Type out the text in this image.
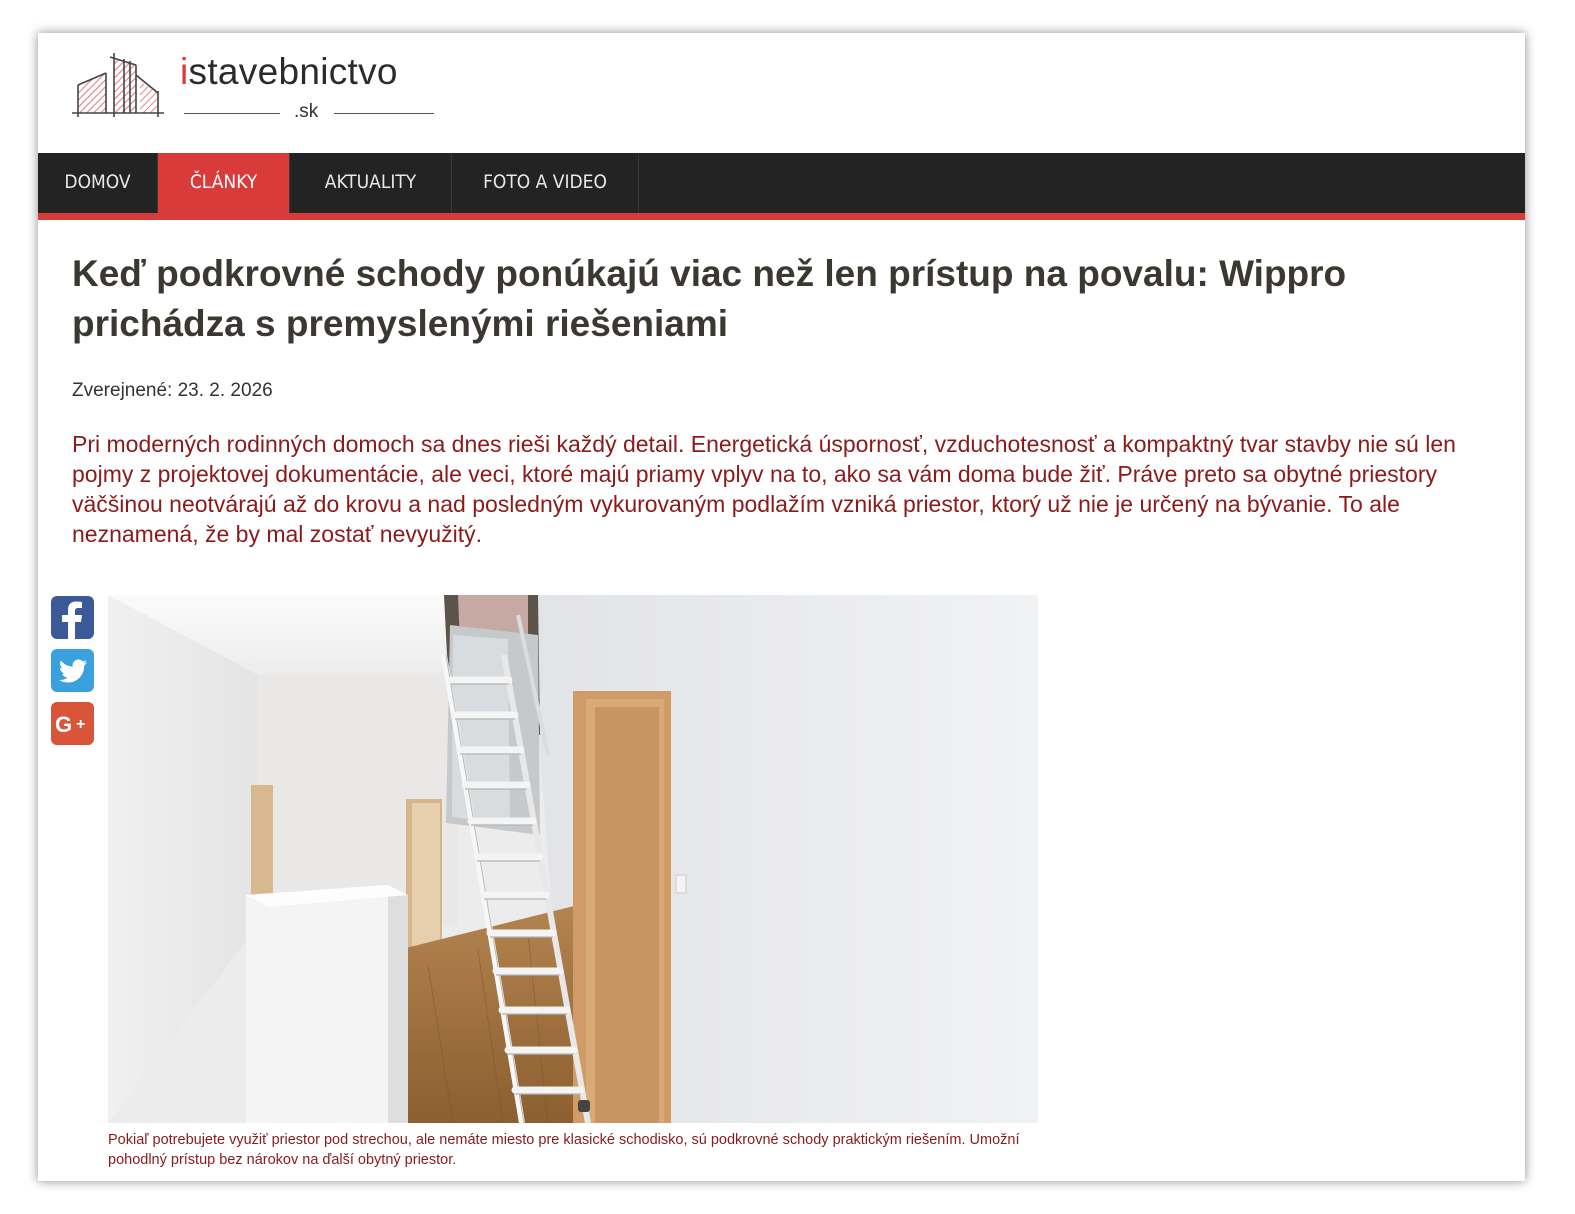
istavebnictvo
.sk
DOMOV	ČLÁNKY	AKTUALITY	FOTO A VIDEO
Keď podkrovné schody ponúkajú viac než len prístup na povalu: Wippro prichádza s premyslenými riešeniami
Zverejnené: 23. 2. 2026

Pri moderných rodinných domoch sa dnes rieši každý detail. Energetická úspornosť, vzduchotesnosť a kompaktný tvar stavby nie sú len pojmy z projektovej dokumentácie, ale veci, ktoré majú priamy vplyv na to, ako sa vám doma bude žiť. Práve preto sa obytné priestory väčšinou neotvárajú až do krovu a nad posledným vykurovaným podlažím vzniká priestor, ktorý už nie je určený na bývanie. To ale neznamená, že by mal zostať nevyužitý.

G +

Pokiaľ potrebujete využiť priestor pod strechou, ale nemáte miesto pre klasické schodisko, sú podkrovné schody praktickým riešením. Umožní pohodlný prístup bez nárokov na ďalší obytný priestor.
